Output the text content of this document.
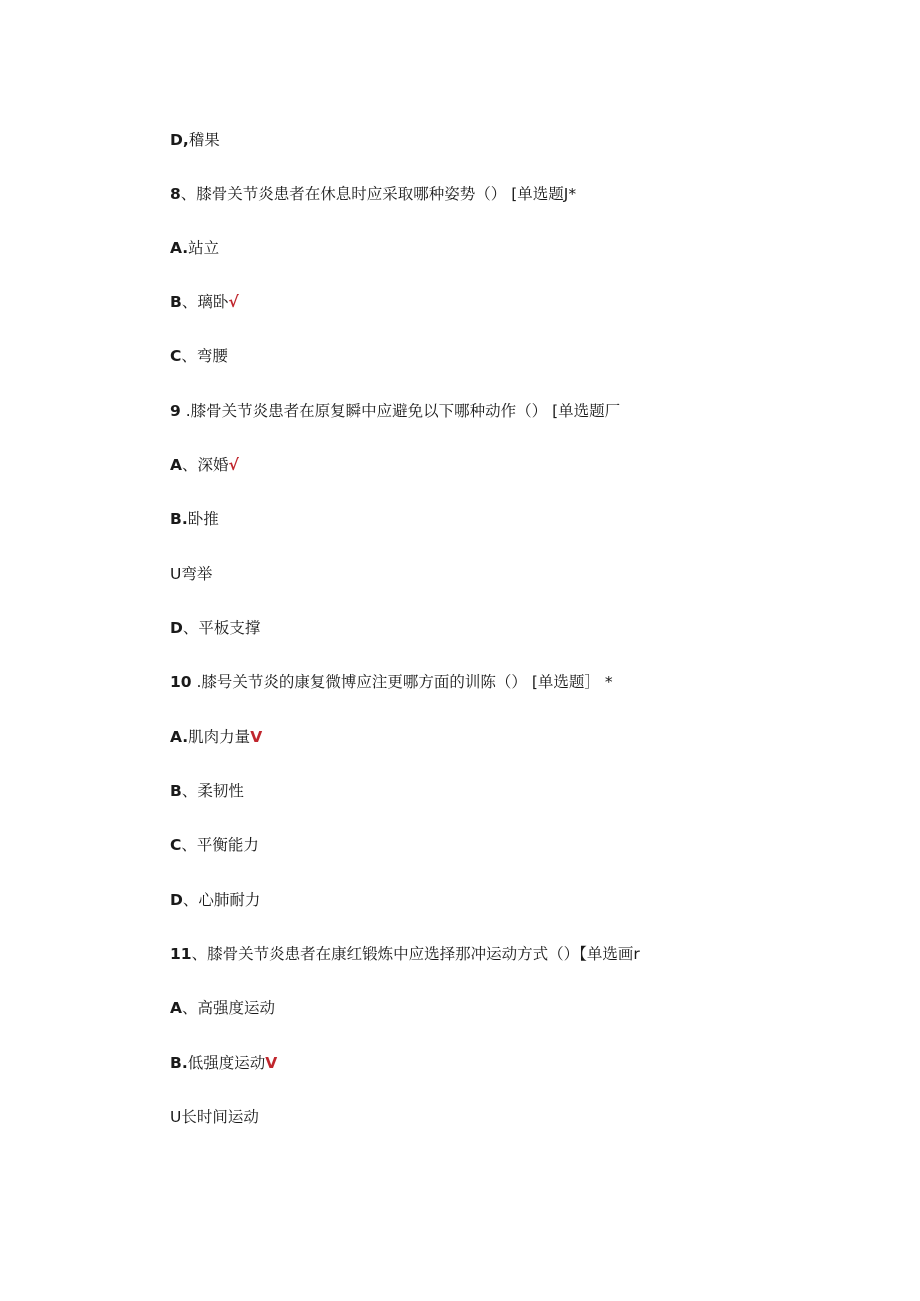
D,稽果
8、膝骨关节炎患者在休息时应采取哪种姿势（） [单选题J*
A.站立
B、璃卧√
C、弯腰
9 .膝骨关节炎患者在原复瞬中应避免以下哪种动作（） [单选题厂
A、深婚√
B.卧推
U弯举
D、平板支撑
10 .膝号关节炎的康复微博应注更哪方面的训陈（） [单选题］ *
A.肌肉力量V
B、柔韧性
C、平衡能力
D、心肺耐力
11、膝骨关节炎患者在康红锻炼中应选择那冲运动方式（）【单选画r
A、高强度运动
B.低强度运动V
U长时间运动
